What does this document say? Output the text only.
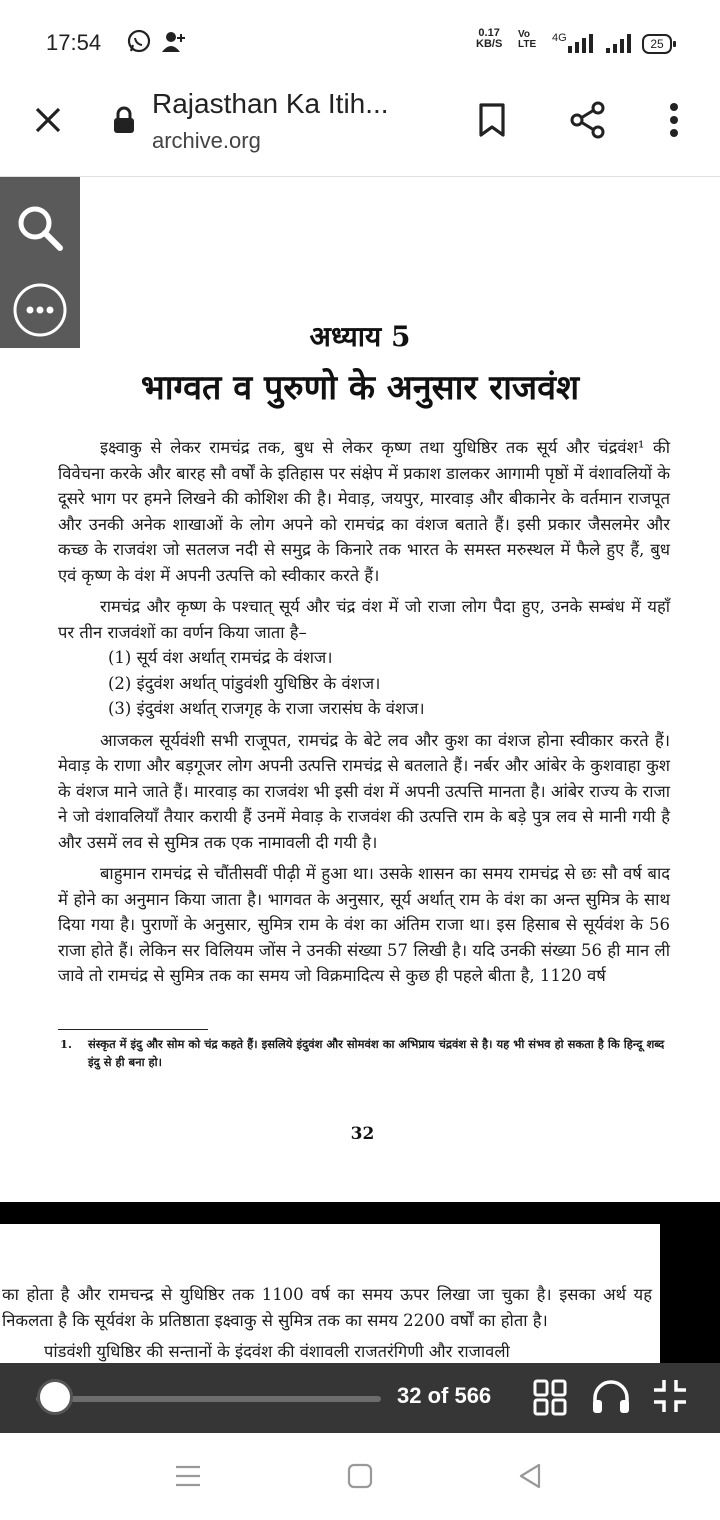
17:54	0.17
KB/S
Vo
LTE
4G	25
Rajasthan Ka Itih...
archive.org
अध्याय 5
भाग्वत व पुरुणो के अनुसार राजवंश

इक्ष्वाकु से लेकर रामचंद्र तक, बुध से लेकर कृष्ण तथा युधिष्ठिर तक सूर्य और चंद्रवंश¹ की विवेचना करके और बारह सौ वर्षों के इतिहास पर संक्षेप में प्रकाश डालकर आगामी पृष्ठों में वंशावलियों के दूसरे भाग पर हमने लिखने की कोशिश की है। मेवाड़, जयपुर, मारवाड़ और बीकानेर के वर्तमान राजपूत और उनकी अनेक शाखाओं के लोग अपने को रामचंद्र का वंशज बताते हैं। इसी प्रकार जैसलमेर और कच्छ के राजवंश जो सतलज नदी से समुद्र के किनारे तक भारत के समस्त मरुस्थल में फैले हुए हैं, बुध एवं कृष्ण के वंश में अपनी उत्पत्ति को स्वीकार करते हैं।

रामचंद्र और कृष्ण के पश्चात् सूर्य और चंद्र वंश में जो राजा लोग पैदा हुए, उनके सम्बंध में यहाँ पर तीन राजवंशों का वर्णन किया जाता है–

(1) सूर्य वंश अर्थात् रामचंद्र के वंशज।

(2) इंदुवंश अर्थात् पांडुवंशी युधिष्ठिर के वंशज।

(3) इंदुवंश अर्थात् राजगृह के राजा जरासंघ के वंशज।

आजकल सूर्यवंशी सभी राजूपत, रामचंद्र के बेटे लव और कुश का वंशज होना स्वीकार करते हैं। मेवाड़ के राणा और बड़गूजर लोग अपनी उत्पत्ति रामचंद्र से बतलाते हैं। नर्बर और आंबेर के कुशवाहा कुश के वंशज माने जाते हैं। मारवाड़ का राजवंश भी इसी वंश में अपनी उत्पत्ति मानता है। आंबेर राज्य के राजा ने जो वंशावलियाँ तैयार करायी हैं उनमें मेवाड़ के राजवंश की उत्पत्ति राम के बड़े पुत्र लव से मानी गयी है और उसमें लव से सुमित्र तक एक नामावली दी गयी है।

बाहुमान रामचंद्र से चौंतीसवीं पीढ़ी में हुआ था। उसके शासन का समय रामचंद्र से छः सौ वर्ष बाद में होने का अनुमान किया जाता है। भागवत के अनुसार, सूर्य अर्थात् राम के वंश का अन्त सुमित्र के साथ दिया गया है। पुराणों के अनुसार, सुमित्र राम के वंश का अंतिम राजा था। इस हिसाब से सूर्यवंश के 56 राजा होते हैं। लेकिन सर विलियम जोंस ने उनकी संख्या 57 लिखी है। यदि उनकी संख्या 56 ही मान ली जावे तो रामचंद्र से सुमित्र तक का समय जो विक्रमादित्य से कुछ ही पहले बीता है, 1120 वर्ष

1. संस्कृत में इंदु और सोम को चंद्र कहते हैं। इसलिये इंदुवंश और सोमवंश का अभिप्राय चंद्रवंश से है। यह भी संभव हो सकता है कि हिन्दू शब्द इंदु से ही बना हो।
32
का होता है और रामचन्द्र से युधिष्ठिर तक 1100 वर्ष का समय ऊपर लिखा जा चुका है। इसका अर्थ यह निकलता है कि सूर्यवंश के प्रतिष्ठाता इक्ष्वाकु से सुमित्र तक का समय 2200 वर्षों का होता है।
पांडवंशी युधिष्ठिर की सन्तानों के इंदवंश की वंशावली राजतरंगिणी और राजावली
32 of 566
